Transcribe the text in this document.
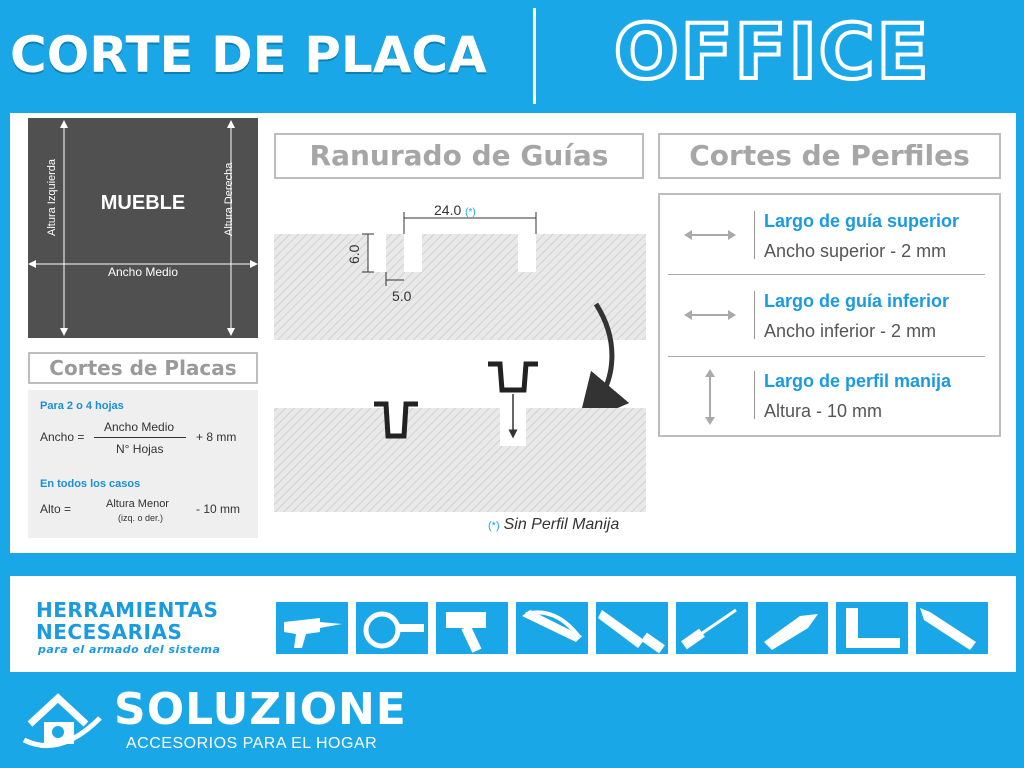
CORTE DE PLACA OFFICE
MUEBLE
Ancho Medio
Altura Izquierda	Altura Derecha
Cortes de Placas
Para 2 o 4 hojas
Ancho =
Ancho Medio
N° Hojas
+ 8 mm
En todos los casos
Alto =	Altura Menor
(izq. o der.)
- 10 mm
Ranurado de Guías
24.0 (*)
6.0
5.0
(*) Sin Perfil Manija
Cortes de Perfiles
Largo de guía superior
Ancho superior - 2 mm
Largo de guía inferior
Ancho inferior - 2 mm
Largo de perfil manija
Altura - 10 mm
HERRAMIENTAS
NECESARIAS
para el armado del sistema
SOLUZIONE
ACCESORIOS PARA EL HOGAR
